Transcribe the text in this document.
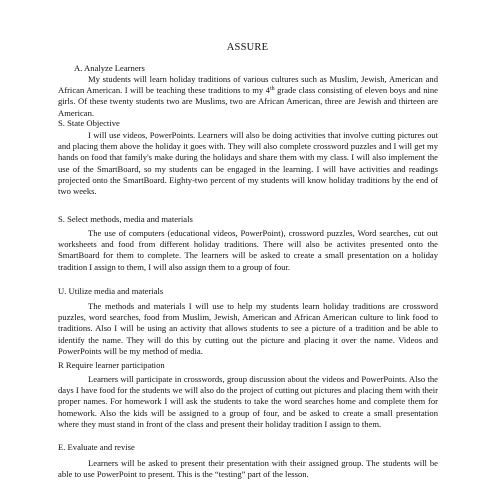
ASSURE
A. Analyze Learners
My students will learn holiday traditions of various cultures such as Muslim, Jewish, American and African American. I will be teaching these traditions to my 4th grade class consisting of eleven boys and nine girls. Of these twenty students two are Muslims, two are African American, three are Jewish and thirteen are American.
S. State Objective
I will use videos, PowerPoints. Learners will also be doing activities that involve cutting pictures out and placing them above the holiday it goes with. They will also complete crossword puzzles and I will get my hands on food that family's make during the holidays and share them with my class. I will also implement the use of the SmartBoard, so my students can be engaged in the learning. I will have activities and readings projected onto the SmartBoard. Eighty-two percent of my students will know holiday traditions by the end of two weeks.
S. Select methods, media and materials
The use of computers (educational videos, PowerPoint), crossword puzzles, Word searches, cut out worksheets and food from different holiday traditions. There will also be activites presented onto the SmartBoard for them to complete. The learners will be asked to create a small presentation on a holiday tradition I assign to them, I will also assign them to a group of four.
U. Utilize media and materials
The methods and materials I will use to help my students learn holiday traditions are crossword puzzles, word searches, food from Muslim, Jewish, American and African American culture to link food to traditions. Also I will be using an activity that allows students to see a picture of a tradition and be able to identify the name. They will do this by cutting out the picture and placing it over the name. Videos and PowerPoints will be my method of media.
R Require learner participation
Learners will participate in crosswords, group discussion about the videos and PowerPoints. Also the days I have food for the students we will also do the project of cutting out pictures and placing them with their proper names. For homework I will ask the students to take the word searches home and complete them for homework. Also the kids will be assigned to a group of four, and be asked to create a small presentation where they must stand in front of the class and present their holiday tradition I assign to them.
E. Evaluate and revise
Learners will be asked to present their presentation with their assigned group. The students will be able to use PowerPoint to present. This is the “testing” part of the lesson.
